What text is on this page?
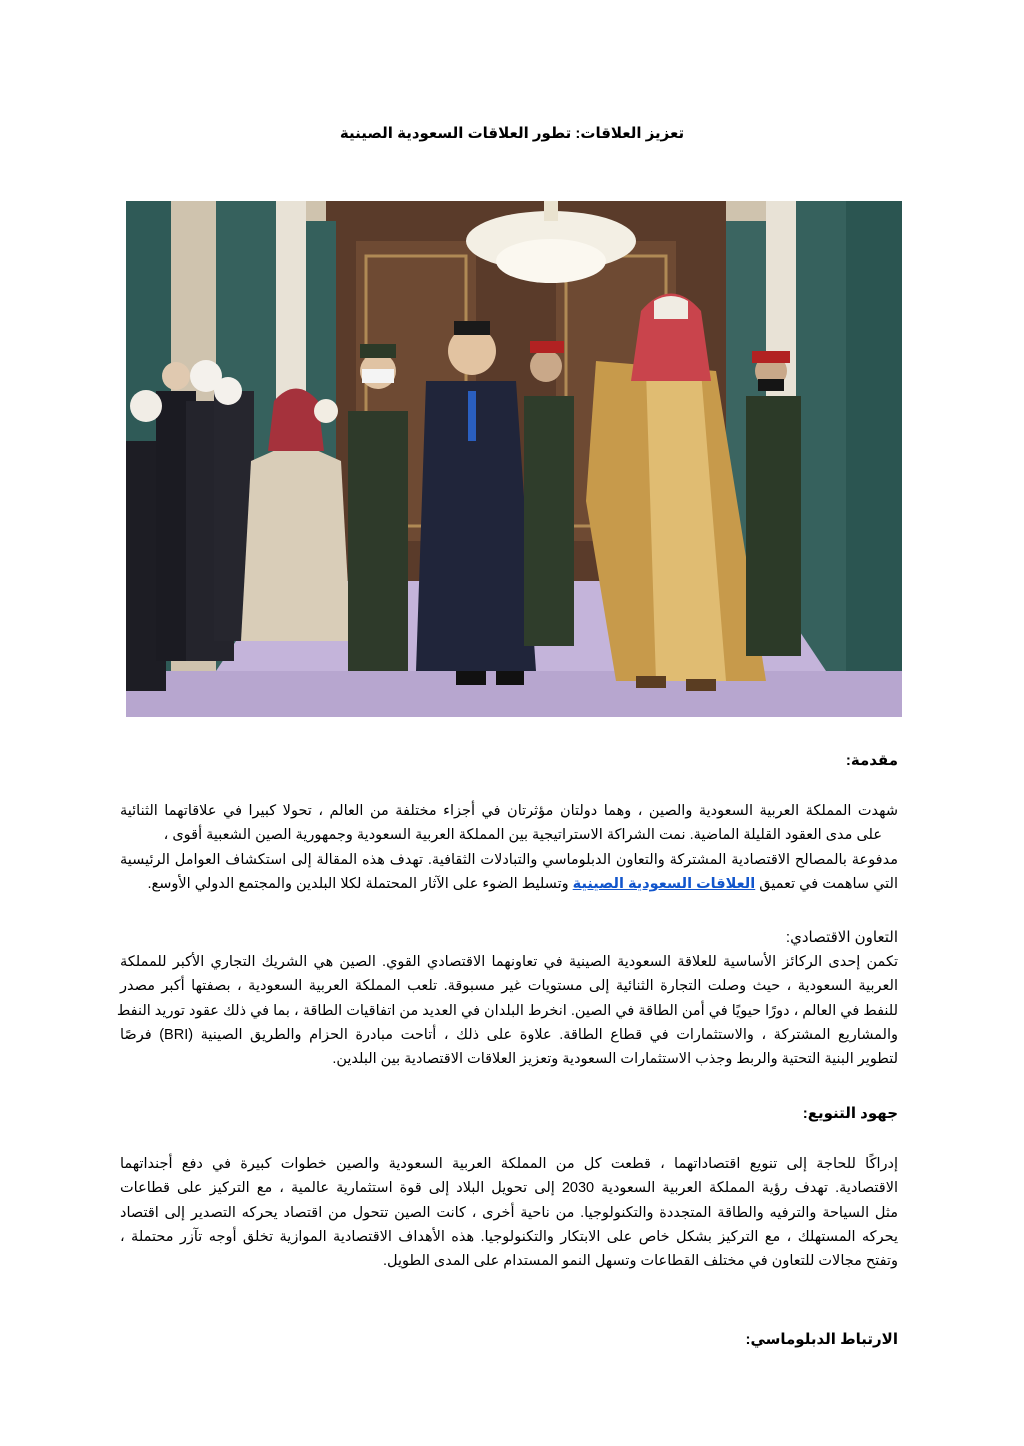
تعزيز العلاقات: تطور العلاقات السعودية الصينية
مقدمة:
شهدت المملكة العربية السعودية والصين ، وهما دولتان مؤثرتان في أجزاء مختلفة من العالم ، تحولا كبيرا في علاقاتهما الثنائية
على مدى العقود القليلة الماضية. نمت الشراكة الاستراتيجية بين المملكة العربية السعودية وجمهورية الصين الشعبية أقوى ،
مدفوعة بالمصالح الاقتصادية المشتركة والتعاون الدبلوماسي والتبادلات الثقافية. تهدف هذه المقالة إلى استكشاف العوامل الرئيسية
التي ساهمت في تعميق العلاقات السعودية الصينية وتسليط الضوء على الآثار المحتملة لكلا البلدين والمجتمع الدولي الأوسع.
التعاون الاقتصادي:
تكمن إحدى الركائز الأساسية للعلاقة السعودية الصينية في تعاونهما الاقتصادي القوي. الصين هي الشريك التجاري الأكبر للمملكة
العربية السعودية ، حيث وصلت التجارة الثنائية إلى مستويات غير مسبوقة. تلعب المملكة العربية السعودية ، بصفتها أكبر مصدر
للنفط في العالم ، دورًا حيويًا في أمن الطاقة في الصين. انخرط البلدان في العديد من اتفاقيات الطاقة ، بما في ذلك عقود توريد النفط
والمشاريع المشتركة ، والاستثمارات في قطاع الطاقة. علاوة على ذلك ، أتاحت مبادرة الحزام والطريق الصينية (BRI) فرصًا
لتطوير البنية التحتية والربط وجذب الاستثمارات السعودية وتعزيز العلاقات الاقتصادية بين البلدين.
جهود التنويع:
إدراكًا للحاجة إلى تنويع اقتصاداتهما ، قطعت كل من المملكة العربية السعودية والصين خطوات كبيرة في دفع أجنداتهما
الاقتصادية. تهدف رؤية المملكة العربية السعودية 2030 إلى تحويل البلاد إلى قوة استثمارية عالمية ، مع التركيز على قطاعات
مثل السياحة والترفيه والطاقة المتجددة والتكنولوجيا. من ناحية أخرى ، كانت الصين تتحول من اقتصاد يحركه التصدير إلى اقتصاد
يحركه المستهلك ، مع التركيز بشكل خاص على الابتكار والتكنولوجيا. هذه الأهداف الاقتصادية الموازية تخلق أوجه تآزر محتملة ،
وتفتح مجالات للتعاون في مختلف القطاعات وتسهل النمو المستدام على المدى الطويل.
الارتباط الدبلوماسي:
